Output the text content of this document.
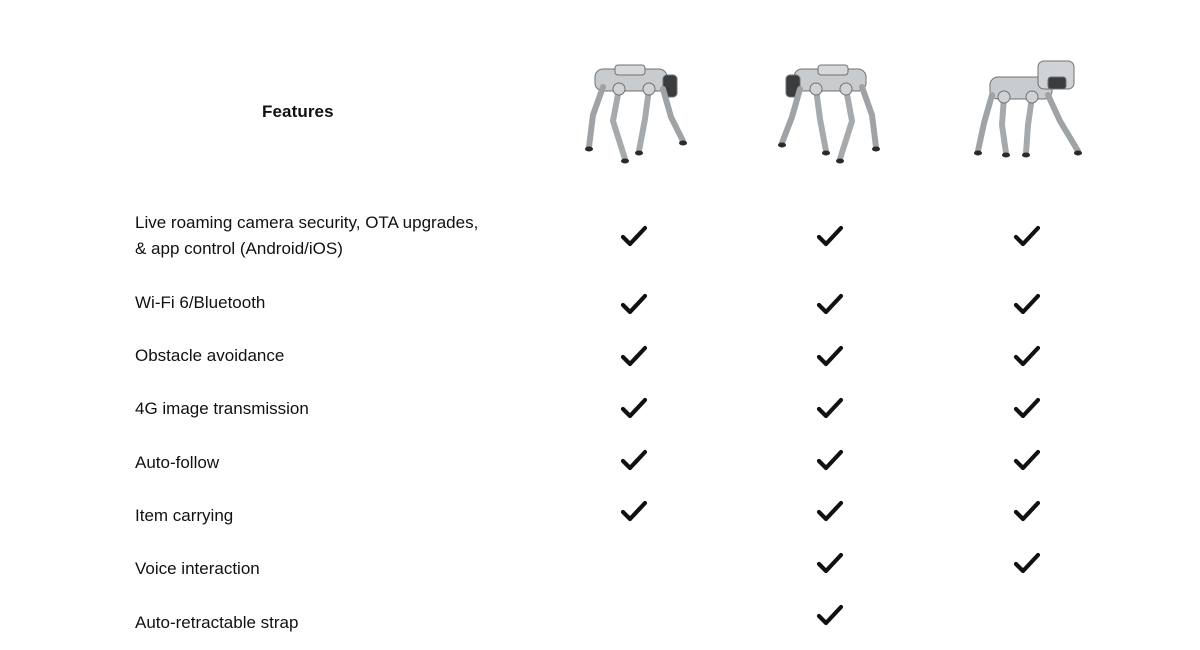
Features
Live roaming camera security, OTA upgrades,
& app control (Android/iOS)
Wi-Fi 6/Bluetooth
Obstacle avoidance
4G image transmission
Auto-follow
Item carrying
Voice interaction
Auto-retractable strap
